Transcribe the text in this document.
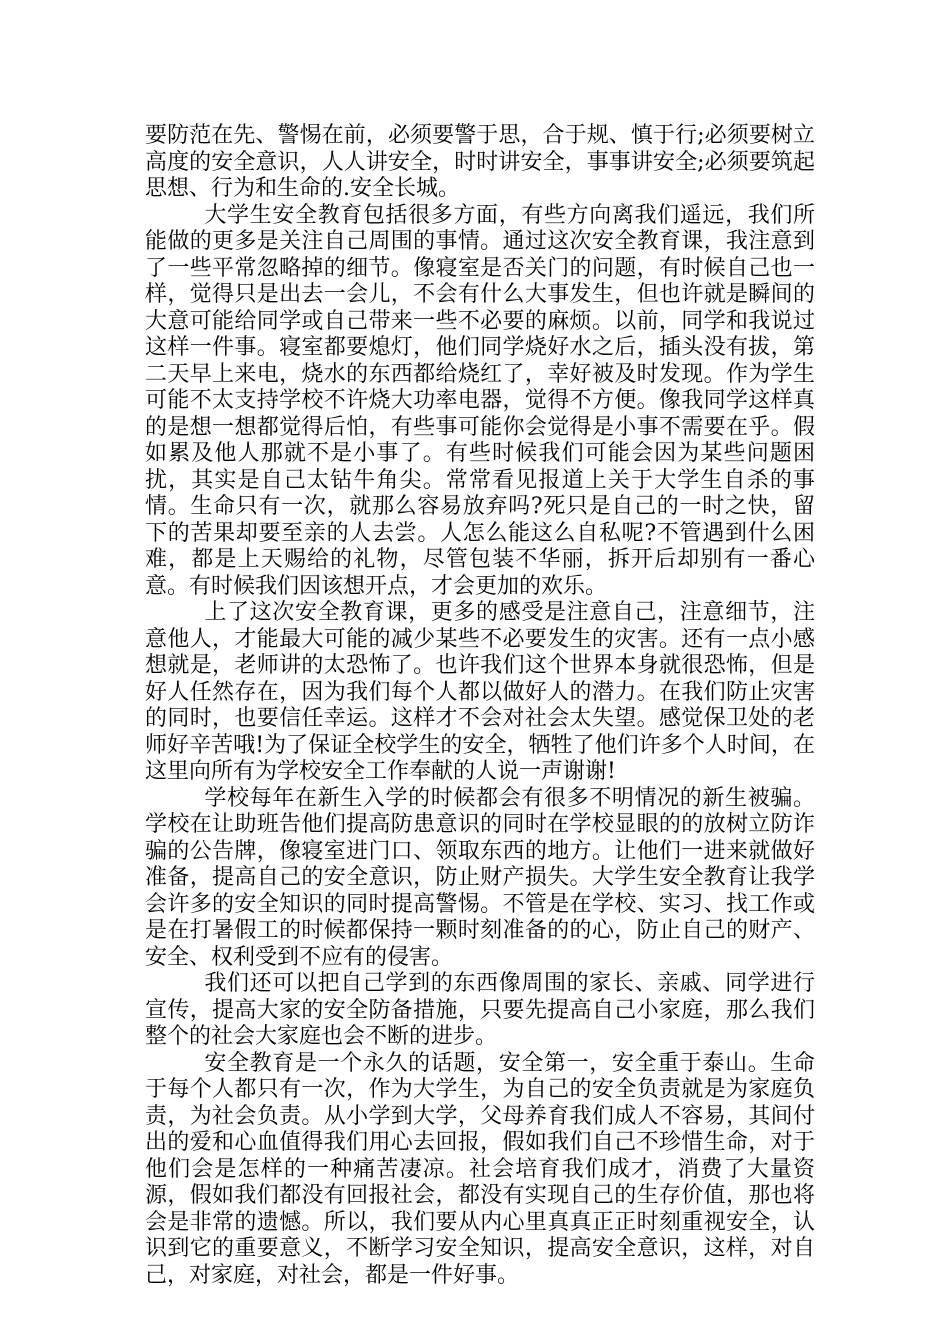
要防范在先、警惕在前，必须要警于思，合于规、慎于行;必须要树立高度的安全意识，人人讲安全，时时讲安全，事事讲安全;必须要筑起思想、行为和生命的.安全长城。

大学生安全教育包括很多方面，有些方向离我们遥远，我们所能做的更多是关注自己周围的事情。通过这次安全教育课，我注意到了一些平常忽略掉的细节。像寝室是否关门的问题，有时候自己也一样，觉得只是出去一会儿，不会有什么大事发生，但也许就是瞬间的大意可能给同学或自己带来一些不必要的麻烦。以前，同学和我说过这样一件事。寝室都要熄灯，他们同学烧好水之后，插头没有拔，第二天早上来电，烧水的东西都给烧红了，幸好被及时发现。作为学生可能不太支持学校不许烧大功率电器，觉得不方便。像我同学这样真的是想一想都觉得后怕，有些事可能你会觉得是小事不需要在乎。假如累及他人那就不是小事了。有些时候我们可能会因为某些问题困扰，其实是自己太钻牛角尖。常常看见报道上关于大学生自杀的事情。生命只有一次，就那么容易放弃吗?死只是自己的一时之快，留下的苦果却要至亲的人去尝。人怎么能这么自私呢?不管遇到什么困难，都是上天赐给的礼物，尽管包装不华丽，拆开后却别有一番心意。有时候我们因该想开点，才会更加的欢乐。

上了这次安全教育课，更多的感受是注意自己，注意细节，注意他人，才能最大可能的减少某些不必要发生的灾害。还有一点小感想就是，老师讲的太恐怖了。也许我们这个世界本身就很恐怖，但是好人任然存在，因为我们每个人都以做好人的潜力。在我们防止灾害的同时，也要信任幸运。这样才不会对社会太失望。感觉保卫处的老师好辛苦哦!为了保证全校学生的安全，牺牲了他们许多个人时间，在这里向所有为学校安全工作奉献的人说一声谢谢!

学校每年在新生入学的时候都会有很多不明情况的新生被骗。学校在让助班告他们提高防患意识的同时在学校显眼的的放树立防诈骗的公告牌，像寝室进门口、领取东西的地方。让他们一进来就做好准备，提高自己的安全意识，防止财产损失。大学生安全教育让我学会许多的安全知识的同时提高警惕。不管是在学校、实习、找工作或是在打暑假工的时候都保持一颗时刻准备的的心，防止自己的财产、安全、权利受到不应有的侵害。

我们还可以把自己学到的东西像周围的家长、亲戚、同学进行宣传，提高大家的安全防备措施，只要先提高自己小家庭，那么我们整个的社会大家庭也会不断的进步。

安全教育是一个永久的话题，安全第一，安全重于泰山。生命于每个人都只有一次，作为大学生，为自己的安全负责就是为家庭负责，为社会负责。从小学到大学，父母养育我们成人不容易，其间付出的爱和心血值得我们用心去回报，假如我们自己不珍惜生命，对于他们会是怎样的一种痛苦凄凉。社会培育我们成才，消费了大量资源，假如我们都没有回报社会，都没有实现自己的生存价值，那也将会是非常的遗憾。所以，我们要从内心里真真正正时刻重视安全，认识到它的重要意义，不断学习安全知识，提高安全意识，这样，对自己，对家庭，对社会，都是一件好事。
